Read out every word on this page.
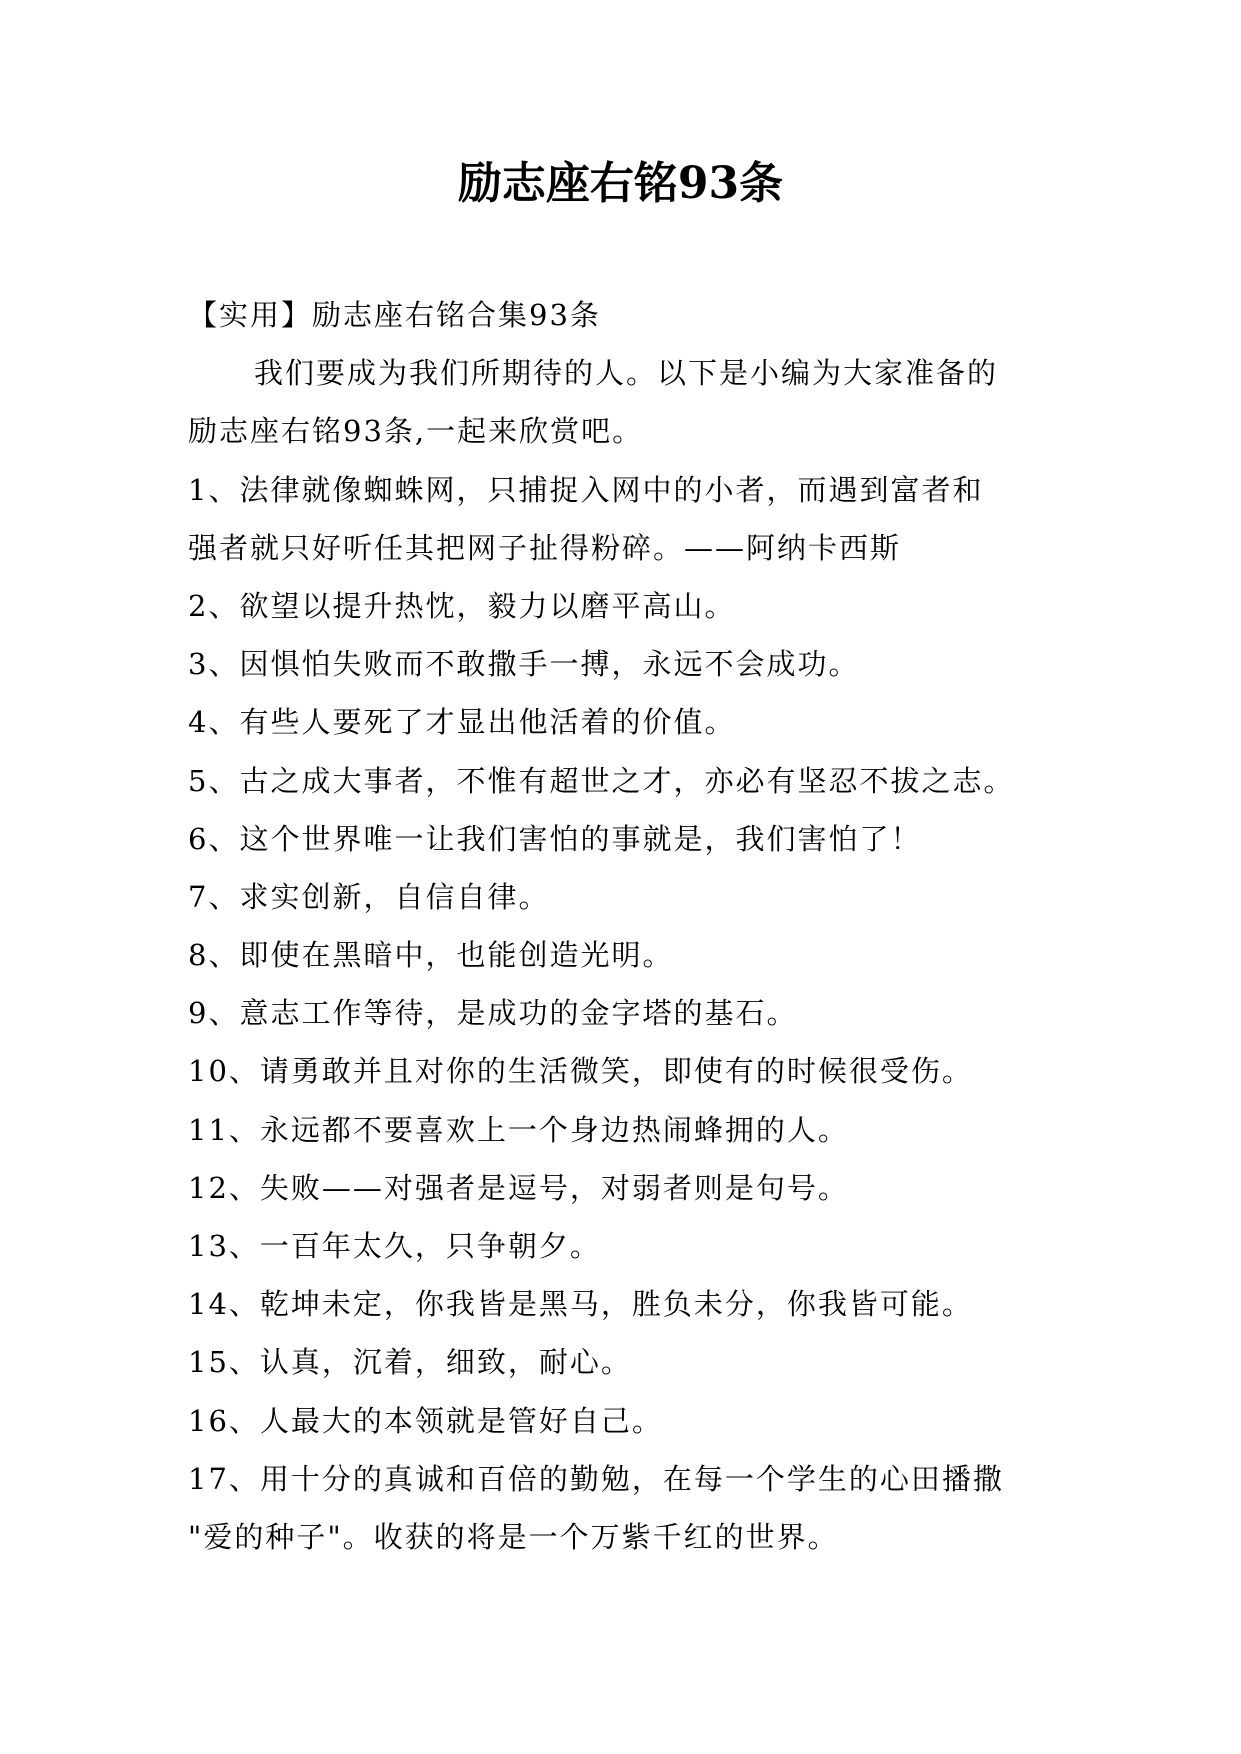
励志座右铭93条
【实用】励志座右铭合集93条
我们要成为我们所期待的人。以下是小编为大家准备的
励志座右铭93条,一起来欣赏吧。
1、法律就像蜘蛛网，只捕捉入网中的小者，而遇到富者和
强者就只好听任其把网子扯得粉碎。——阿纳卡西斯
2、欲望以提升热忱，毅力以磨平高山。
3、因惧怕失败而不敢撒手一搏，永远不会成功。
4、有些人要死了才显出他活着的价值。
5、古之成大事者，不惟有超世之才，亦必有坚忍不拔之志。
6、这个世界唯一让我们害怕的事就是，我们害怕了！
7、求实创新，自信自律。
8、即使在黑暗中，也能创造光明。
9、意志工作等待，是成功的金字塔的基石。
10、请勇敢并且对你的生活微笑，即使有的时候很受伤。
11、永远都不要喜欢上一个身边热闹蜂拥的人。
12、失败——对强者是逗号，对弱者则是句号。
13、一百年太久，只争朝夕。
14、乾坤未定，你我皆是黑马，胜负未分，你我皆可能。
15、认真，沉着，细致，耐心。
16、人最大的本领就是管好自己。
17、用十分的真诚和百倍的勤勉，在每一个学生的心田播撒
"爱的种子"。收获的将是一个万紫千红的世界。
